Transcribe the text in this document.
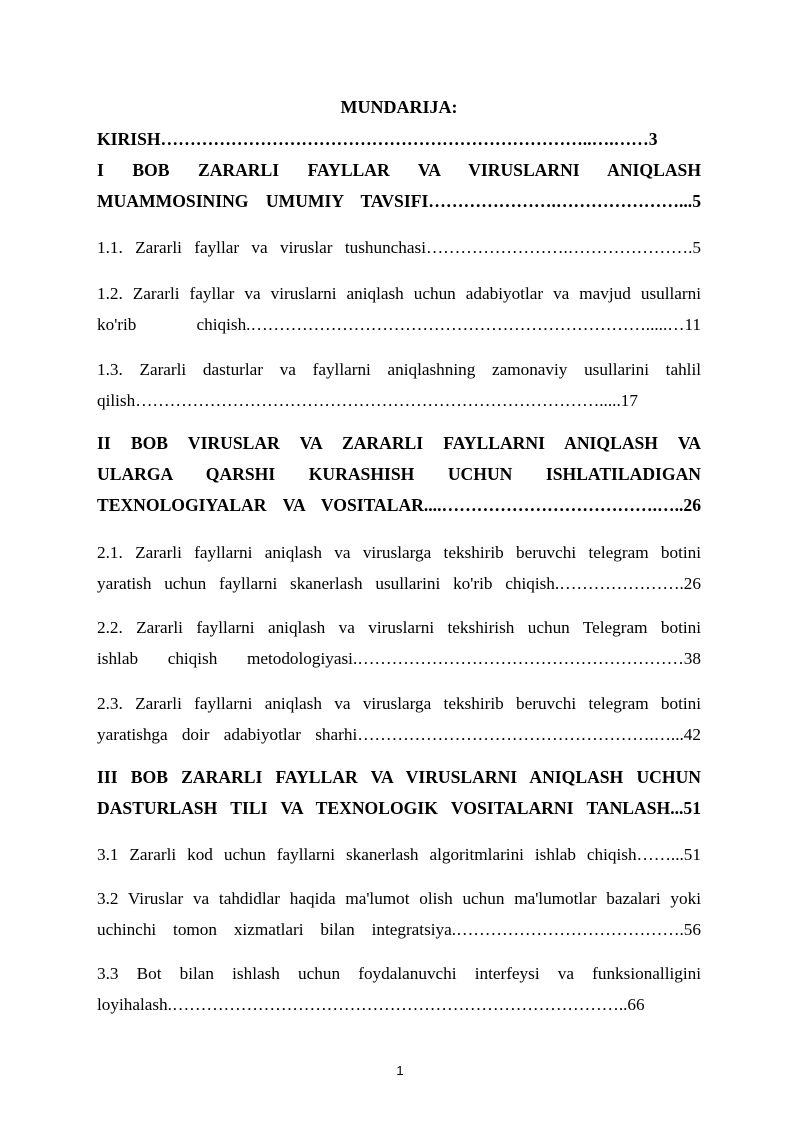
MUNDARIJA:
KIRISH………………………………………………………………..….……3
I BOB ZARARLI FAYLLAR VA VIRUSLARNI ANIQLASH
MUAMMOSINING UMUMIY TAVSIFI………………….…………………...5
1.1. Zararli fayllar va viruslar tushunchasi…………………….………………….5
1.2. Zararli fayllar va viruslarni aniqlash uchun adabiyotlar va mavjud usullarni
ko'rib chiqish.…………………………………………………………….....…11
1.3. Zararli dasturlar va fayllarni aniqlashning zamonaviy usullarini tahlil
qilish……………………………………………………………………….....17
II BOB VIRUSLAR VA ZARARLI FAYLLARNI ANIQLASH VA
ULARGA QARSHI KURASHISH UCHUN ISHLATILADIGAN
TEXNOLOGIYALAR VA VOSITALAR....……………………………….…..26
2.1. Zararli fayllarni aniqlash va viruslarga tekshirib beruvchi telegram botini
yaratish uchun fayllarni skanerlash usullarini ko'rib chiqish.………………….26
2.2. Zararli fayllarni aniqlash va viruslarni tekshirish uchun Telegram botini
ishlab chiqish metodologiyasi.…………………………………………………38
2.3. Zararli fayllarni aniqlash va viruslarga tekshirib beruvchi telegram botini
yaratishga doir adabiyotlar sharhi…………………………………………….…...42
III BOB ZARARLI FAYLLAR VA VIRUSLARNI ANIQLASH UCHUN
DASTURLASH TILI VA TEXNOLOGIK VOSITALARNI TANLASH...51
3.1 Zararli kod uchun fayllarni skanerlash algoritmlarini ishlab chiqish……...51
3.2 Viruslar va tahdidlar haqida ma'lumot olish uchun ma'lumotlar bazalari yoki
uchinchi tomon xizmatlari bilan integratsiya.………………………………….56
3.3 Bot bilan ishlash uchun foydalanuvchi interfeysi va funksionalligini
loyihalash.……………………………………………………………………..66
1
